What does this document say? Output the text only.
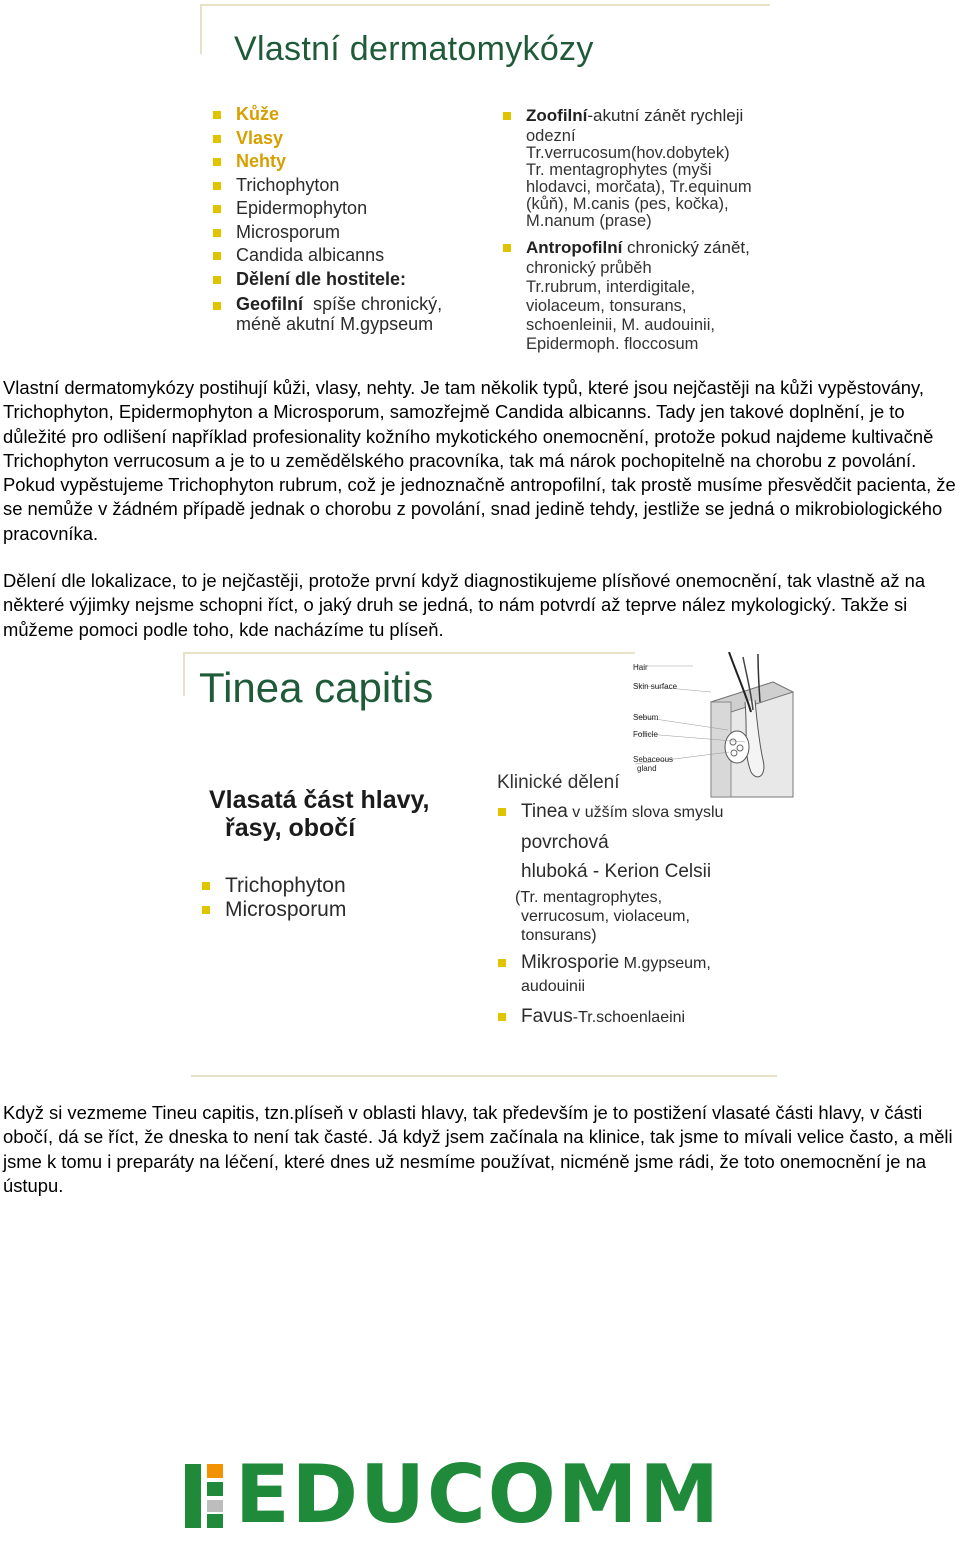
Vlastní dermatomykózy
Kůže
Vlasy
Nehty
Trichophyton
Epidermophyton
Microsporum
Candida albicanns
Dělení dle hostitele:
Geofilní spíše chronický,
méně akutní M.gypseum
Zoofilní-akutní zánět rychleji
odezní
Tr.verrucosum(hov.dobytek)
Tr. mentagrophytes (myši
hlodavci, morčata), Tr.equinum
(kůň), M.canis (pes, kočka),
M.nanum (prase)
Antropofilní chronický zánět,
chronický průběh
Tr.rubrum, interdigitale,
violaceum, tonsurans,
schoenleinii, M. audouinii,
Epidermoph. floccosum
Vlastní dermatomykózy postihují kůži, vlasy, nehty. Je tam několik typů, které jsou nejčastěji na kůži vypěstovány, Trichophyton, Epidermophyton a Microsporum, samozřejmě Candida albicanns. Tady jen takové doplnění, je to důležité pro odlišení například profesionality kožního mykotického onemocnění, protože pokud najdeme kultivačně Trichophyton verrucosum a je to u zemědělského pracovníka, tak má nárok pochopitelně na chorobu z povolání. Pokud vypěstujeme Trichophyton rubrum, což je jednoznačně antropofilní, tak prostě musíme přesvědčit pacienta, že se nemůže v žádném případě jednak o chorobu z povolání, snad jedině tehdy, jestliže se jedná o mikrobiologického pracovníka.
Dělení dle lokalizace, to je nejčastěji, protože první když diagnostikujeme plísňové onemocnění, tak vlastně až na některé výjimky nejsme schopni říct, o jaký druh se jedná, to nám potvrdí až teprve nález mykologický. Takže si můžeme pomoci podle toho, kde nacházíme tu plíseň.
Tinea capitis
Vlasatá část hlavy,
řasy, obočí
Trichophyton
Microsporum
Klinické dělení
Tinea v užším slova smyslu
povrchová
hluboká - Kerion Celsii
(Tr. mentagrophytes,
verrucosum, violaceum,
tonsurans)
Mikrosporie M.gypseum,
audouinii
Favus-Tr.schoenlaeini
Hair
Skin surface
Sebum
Follicle
Sebaceous
gland
Když si vezmeme Tineu capitis, tzn.plíseň v oblasti hlavy, tak především je to postižení vlasaté části hlavy, v části obočí, dá se říct, že dneska to není tak časté. Já když jsem začínala na klinice, tak jsme to mívali velice často, a měli jsme k tomu i preparáty na léčení, které dnes už nesmíme používat, nicméně jsme rádi, že toto onemocnění je na ústupu.
EDUCOMM
